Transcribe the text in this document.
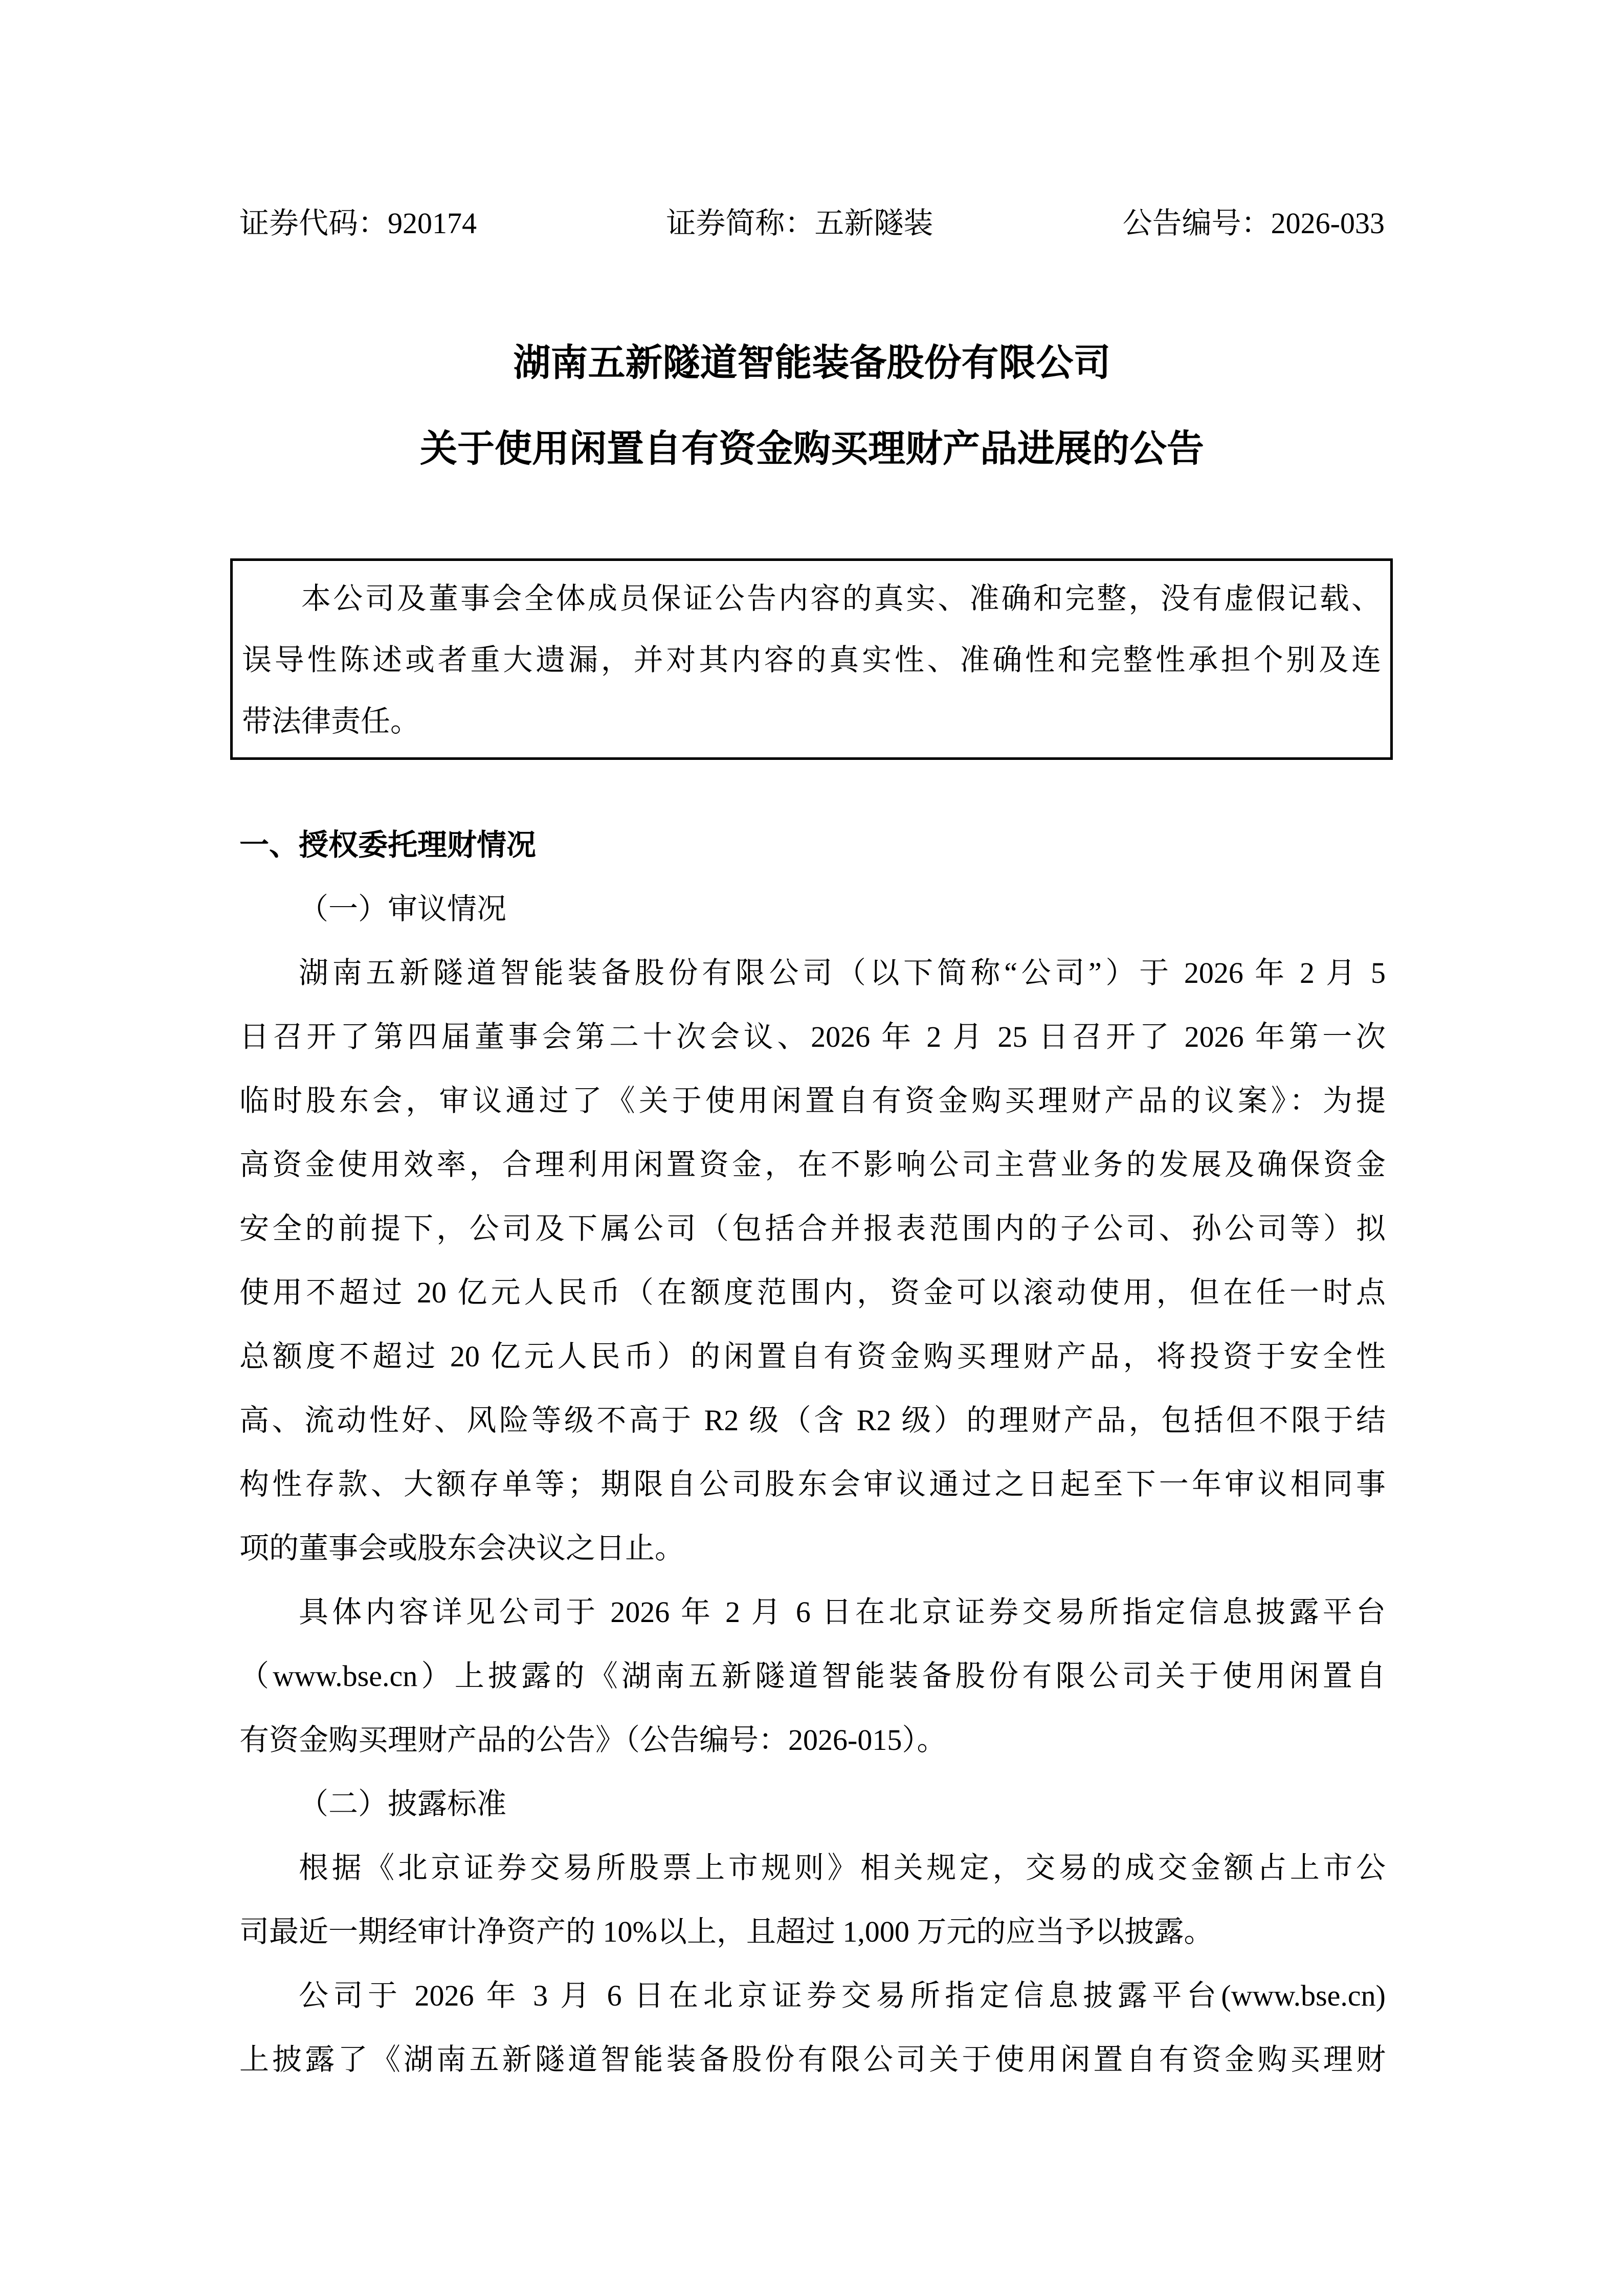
证券代码：920174	证券简称：五新隧装	公告编号：2026-033
湖南五新隧道智能装备股份有限公司
关于使用闲置自有资金购买理财产品进展的公告
本公司及董事会全体成员保证公告内容的真实、准确和完整，没有虚假记载、
误导性陈述或者重大遗漏，并对其内容的真实性、准确性和完整性承担个别及连
带法律责任。
一、授权委托理财情况
（一）审议情况
湖南五新隧道智能装备股份有限公司（以下简称“公司”）于 2026 年 2 月 5
日召开了第四届董事会第二十次会议、2026 年 2 月 25 日召开了 2026 年第一次
临时股东会，审议通过了《关于使用闲置自有资金购买理财产品的议案》：为提
高资金使用效率，合理利用闲置资金，在不影响公司主营业务的发展及确保资金
安全的前提下，公司及下属公司（包括合并报表范围内的子公司、孙公司等）拟
使用不超过 20 亿元人民币（在额度范围内，资金可以滚动使用，但在任一时点
总额度不超过 20 亿元人民币）的闲置自有资金购买理财产品，将投资于安全性
高、流动性好、风险等级不高于 R2 级（含 R2 级）的理财产品，包括但不限于结
构性存款、大额存单等；期限自公司股东会审议通过之日起至下一年审议相同事
项的董事会或股东会决议之日止。
具体内容详见公司于 2026 年 2 月 6 日在北京证券交易所指定信息披露平台
（www.bse.cn）上披露的《湖南五新隧道智能装备股份有限公司关于使用闲置自
有资金购买理财产品的公告》（公告编号：2026-015）。
（二）披露标准
根据《北京证券交易所股票上市规则》相关规定，交易的成交金额占上市公
司最近一期经审计净资产的 10%以上，且超过 1,000 万元的应当予以披露。
公司于 2026 年 3 月 6 日在北京证券交易所指定信息披露平台(www.bse.cn)
上披露了《湖南五新隧道智能装备股份有限公司关于使用闲置自有资金购买理财
